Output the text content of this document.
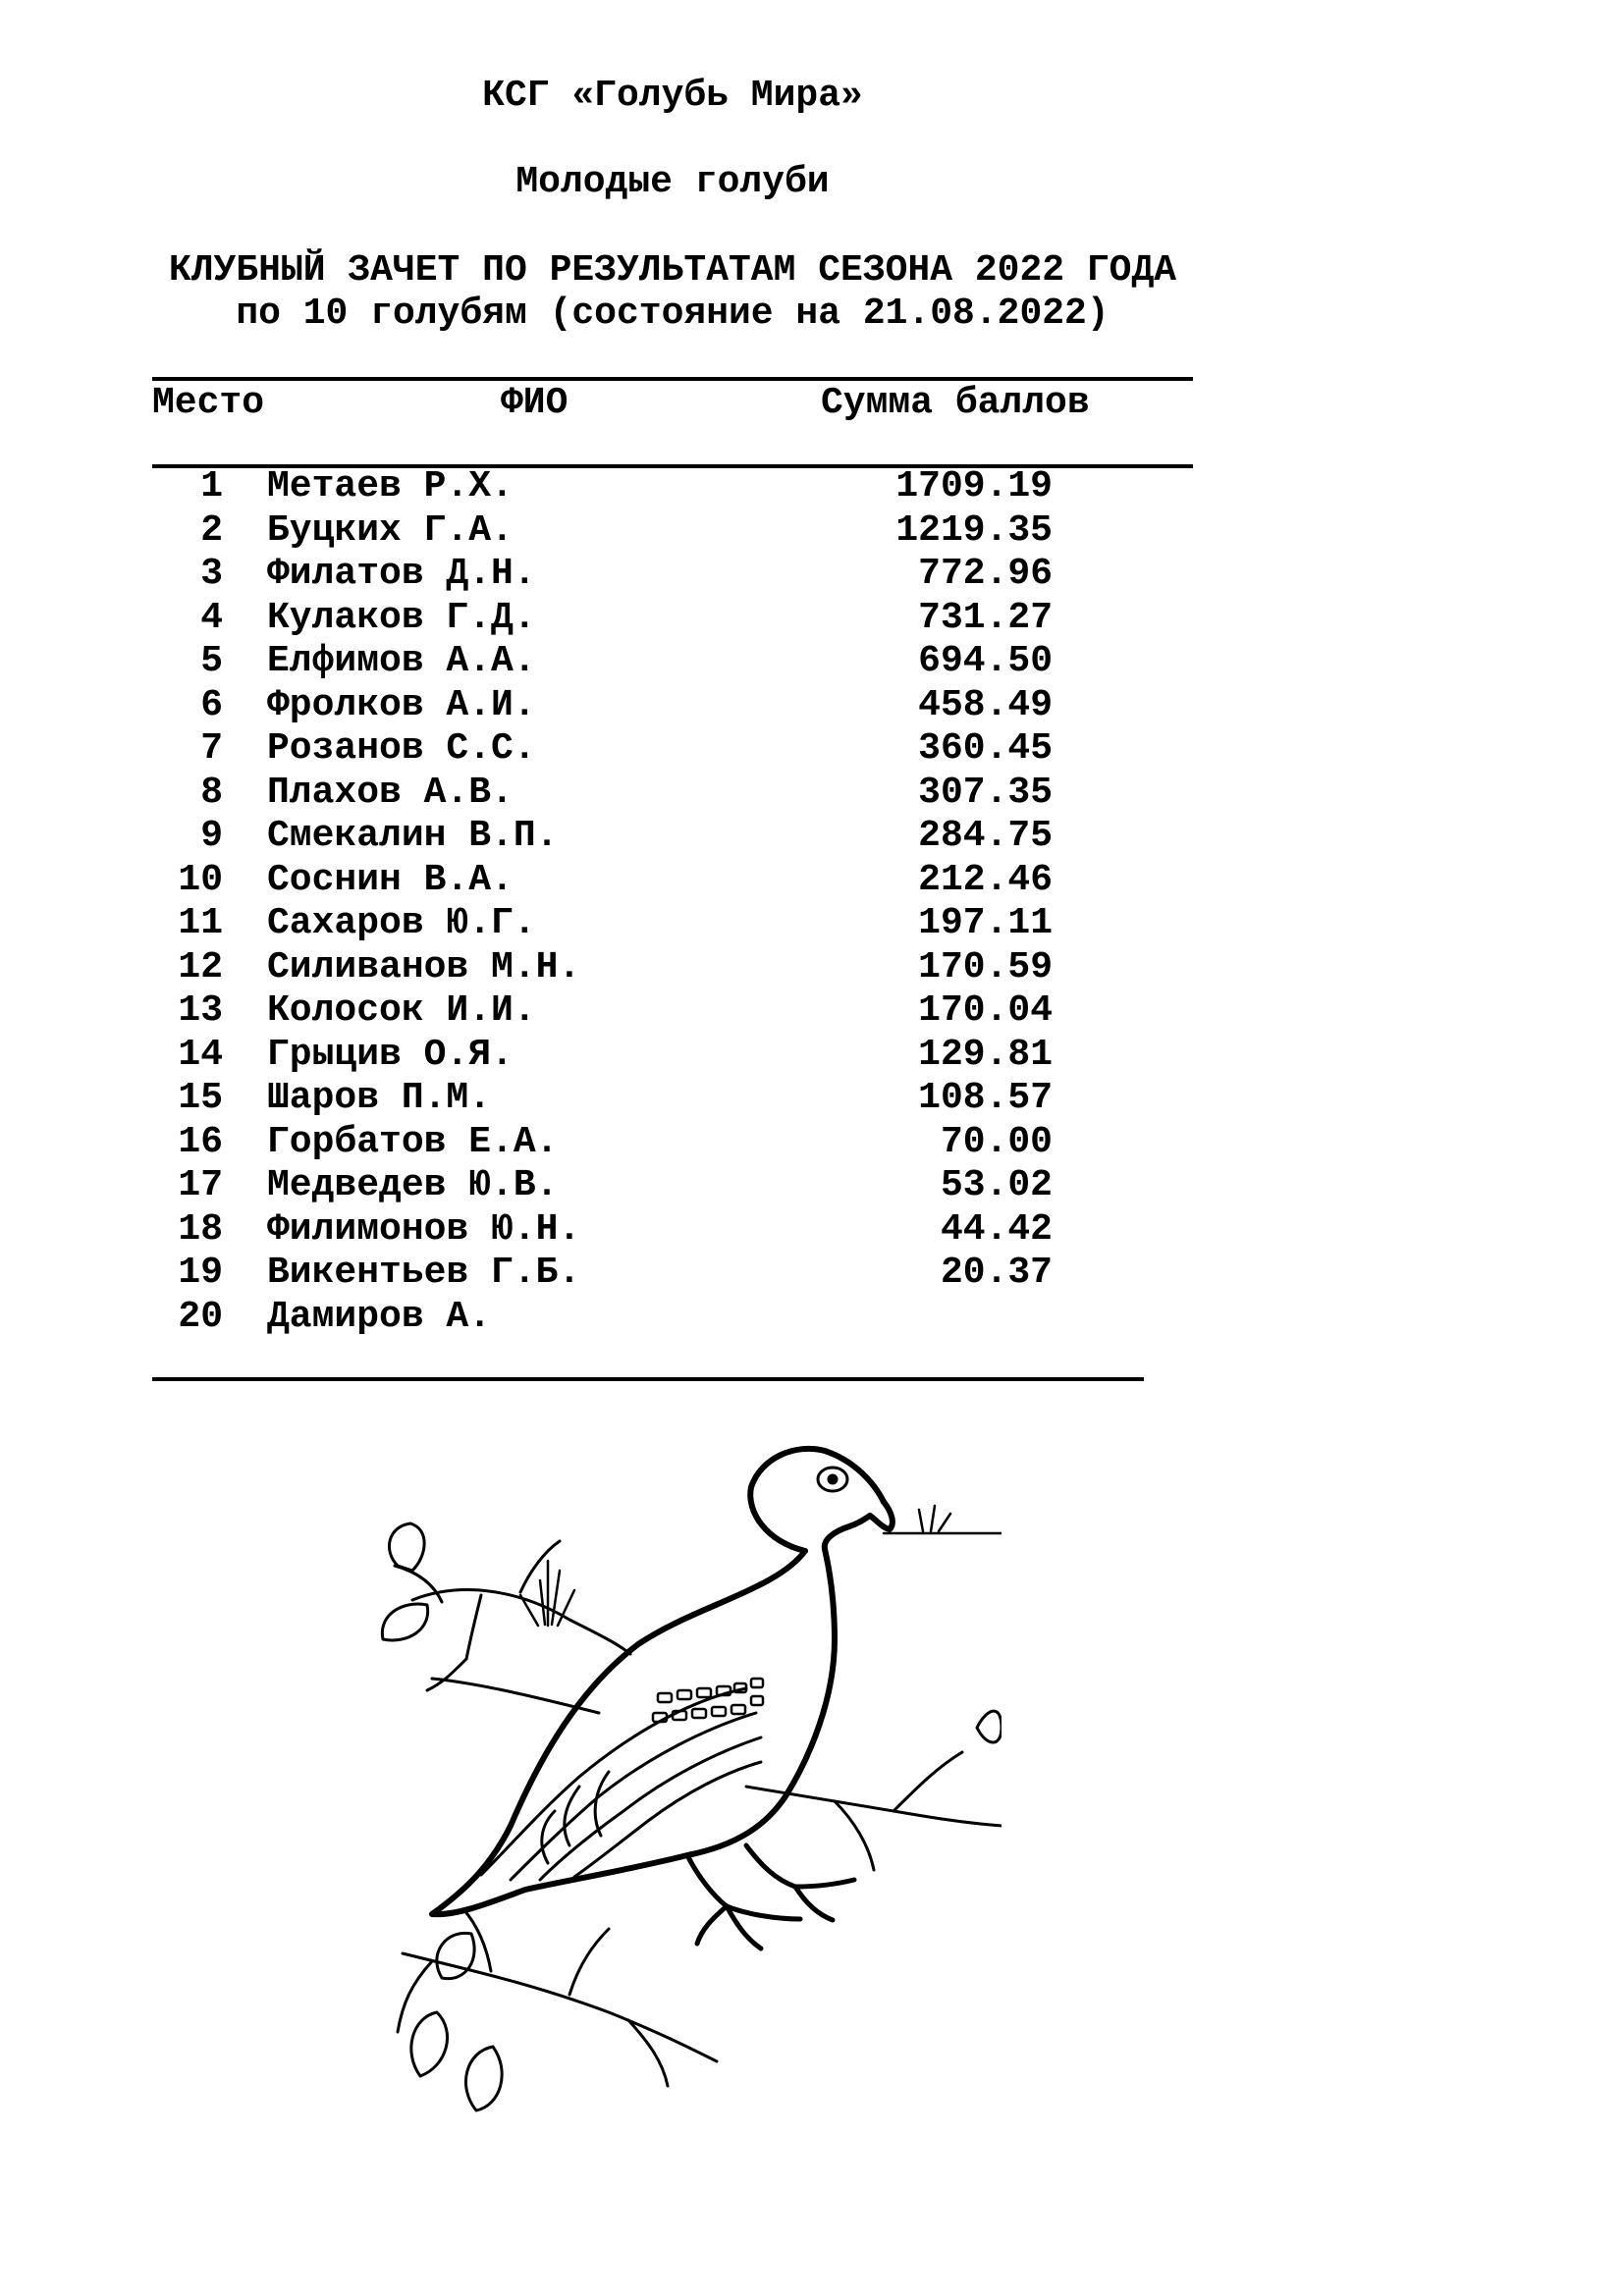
КСГ «Голубь Мира»
Молодые голуби
КЛУБНЫЙ ЗАЧЕТ ПО РЕЗУЛЬТАТАМ СЕЗОНА 2022 ГОДА
по 10 голубям (состояние на 21.08.2022)
Место	ФИО	Сумма баллов
1 Метаев Р.Х.	1709.19
2 Буцких Г.А.	1219.35
3 Филатов Д.Н.	772.96
4 Кулаков Г.Д.	731.27
5 Елфимов А.А.	694.50
6 Фролков А.И.	458.49
7 Розанов С.С.	360.45
8 Плахов А.В.	307.35
9 Смекалин В.П.	284.75
10 Соснин В.А.	212.46
11 Сахаров Ю.Г.	197.11
12 Силиванов М.Н.	170.59
13 Колосок И.И.	170.04
14 Грыцив О.Я.	129.81
15 Шаров П.М.	108.57
16 Горбатов Е.А.	70.00
17 Медведев Ю.В.	53.02
18 Филимонов Ю.Н.	44.42
19 Викентьев Г.Б.	20.37
20 Дамиров А.
